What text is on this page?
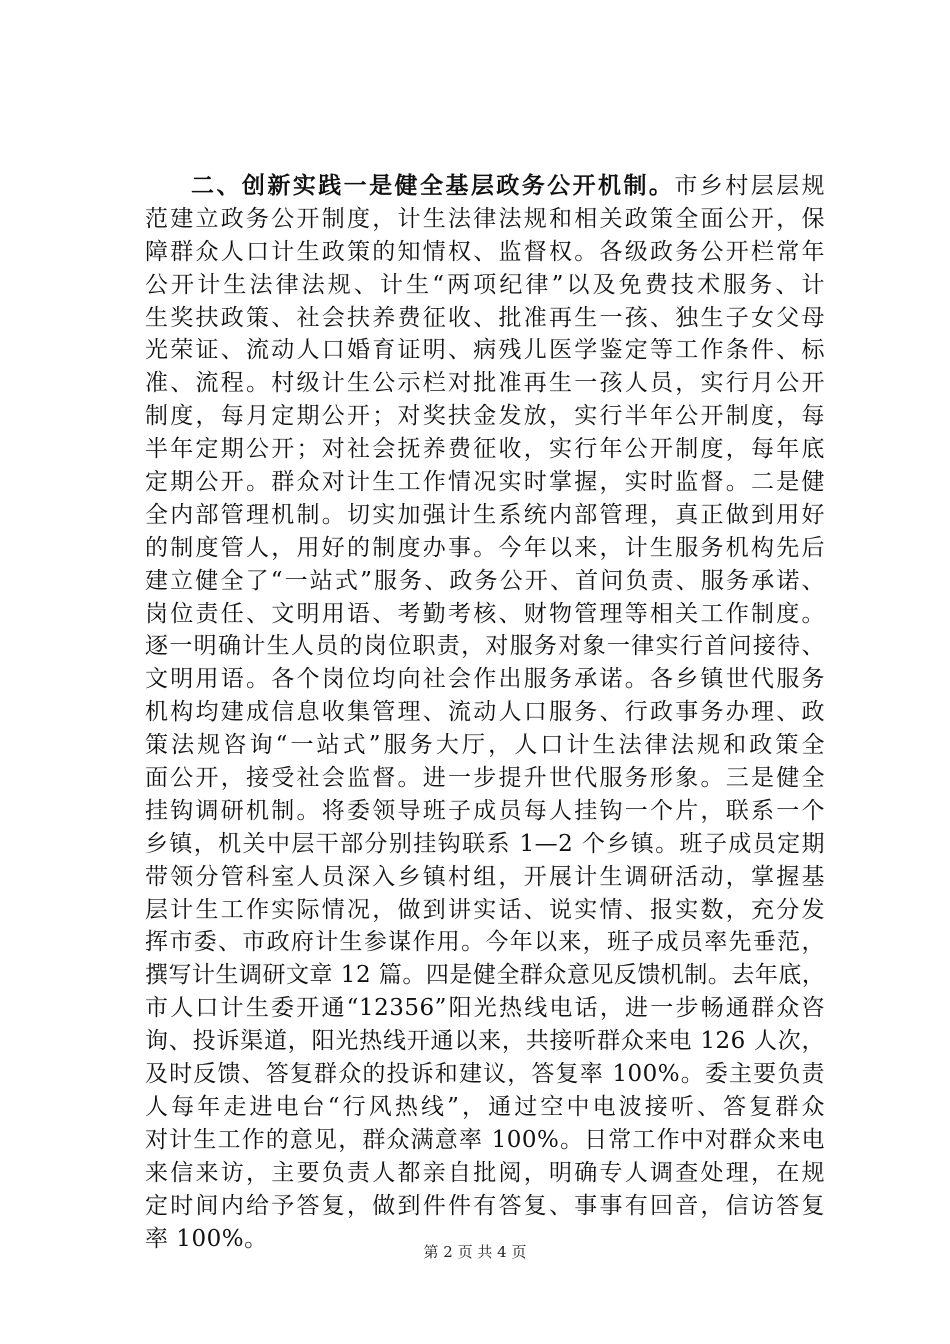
二、创新实践一是健全基层政务公开机制。市乡村层层规
范建立政务公开制度，计生法律法规和相关政策全面公开，保
障群众人口计生政策的知情权、监督权。各级政务公开栏常年
公开计生法律法规、计生“两项纪律”以及免费技术服务、计
生奖扶政策、社会扶养费征收、批准再生一孩、独生子女父母
光荣证、流动人口婚育证明、病残儿医学鉴定等工作条件、标
准、流程。村级计生公示栏对批准再生一孩人员，实行月公开
制度，每月定期公开；对奖扶金发放，实行半年公开制度，每
半年定期公开；对社会抚养费征收，实行年公开制度，每年底
定期公开。群众对计生工作情况实时掌握，实时监督。二是健
全内部管理机制。切实加强计生系统内部管理，真正做到用好
的制度管人，用好的制度办事。今年以来，计生服务机构先后
建立健全了“一站式”服务、政务公开、首问负责、服务承诺、
岗位责任、文明用语、考勤考核、财物管理等相关工作制度。
逐一明确计生人员的岗位职责，对服务对象一律实行首问接待、
文明用语。各个岗位均向社会作出服务承诺。各乡镇世代服务
机构均建成信息收集管理、流动人口服务、行政事务办理、政
策法规咨询“一站式”服务大厅，人口计生法律法规和政策全
面公开，接受社会监督。进一步提升世代服务形象。三是健全
挂钩调研机制。将委领导班子成员每人挂钩一个片，联系一个
乡镇，机关中层干部分别挂钩联系 1—2 个乡镇。班子成员定期
带领分管科室人员深入乡镇村组，开展计生调研活动，掌握基
层计生工作实际情况，做到讲实话、说实情、报实数，充分发
挥市委、市政府计生参谋作用。今年以来，班子成员率先垂范，
撰写计生调研文章 12 篇。四是健全群众意见反馈机制。去年底，
市人口计生委开通“12356”阳光热线电话，进一步畅通群众咨
询、投诉渠道，阳光热线开通以来，共接听群众来电 126 人次，
及时反馈、答复群众的投诉和建议，答复率 100%。委主要负责
人每年走进电台“行风热线”，通过空中电波接听、答复群众
对计生工作的意见，群众满意率 100%。日常工作中对群众来电
来信来访，主要负责人都亲自批阅，明确专人调查处理，在规
定时间内给予答复，做到件件有答复、事事有回音，信访答复
率 100%。
第 2 页 共 4 页
